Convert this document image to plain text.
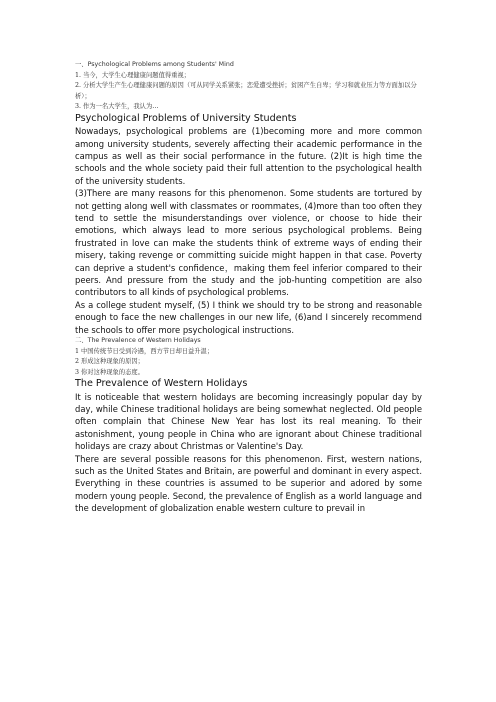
一、Psychological Problems among Students' Mind

1. 当今，大学生心理健康问题值得重视；

2. 分析大学生产生心理健康问题的原因（可从同学关系紧张；恋爱遭受挫折；贫困产生自卑；学习和就业压力等方面加以分析）；

3. 作为一名大学生，我认为…

Psychological Problems of University Students

Nowadays, psychological problems are (1)becoming more and more common among university students, severely affecting their academic performance in the campus as well as their social performance in the future. (2)It is high time the schools and the whole society paid their full attention to the psychological health of the university students.

(3)There are many reasons for this phenomenon. Some students are tortured by not getting along well with classmates or roommates, (4)more than too often they tend to settle the misunderstandings over violence, or choose to hide their emotions, which always lead to more serious psychological problems. Being frustrated in love can make the students think of extreme ways of ending their misery, taking revenge or committing suicide might happen in that case. Poverty can deprive a student's confidence，making them feel inferior compared to their peers. And pressure from the study and the job-hunting competition are also contributors to all kinds of psychological problems.

As a college student myself, (5) I think we should try to be strong and reasonable enough to face the new challenges in our new life, (6)and I sincerely recommend the schools to offer more psychological instructions.

二、The Prevalence of Western Holidays

1 中国传统节日受到冷遇，西方节日却日益升温；

2 形成这种现象的原因；

3 你对这种现象的态度。

The Prevalence of Western Holidays

It is noticeable that western holidays are becoming increasingly popular day by day, while Chinese traditional holidays are being somewhat neglected. Old people often complain that Chinese New Year has lost its real meaning. To their astonishment, young people in China who are ignorant about Chinese traditional holidays are crazy about Christmas or Valentine's Day.

There are several possible reasons for this phenomenon. First, western nations, such as the United States and Britain, are powerful and dominant in every aspect. Everything in these countries is assumed to be superior and adored by some modern young people. Second, the prevalence of English as a world language and the development of globalization enable western culture to prevail in
